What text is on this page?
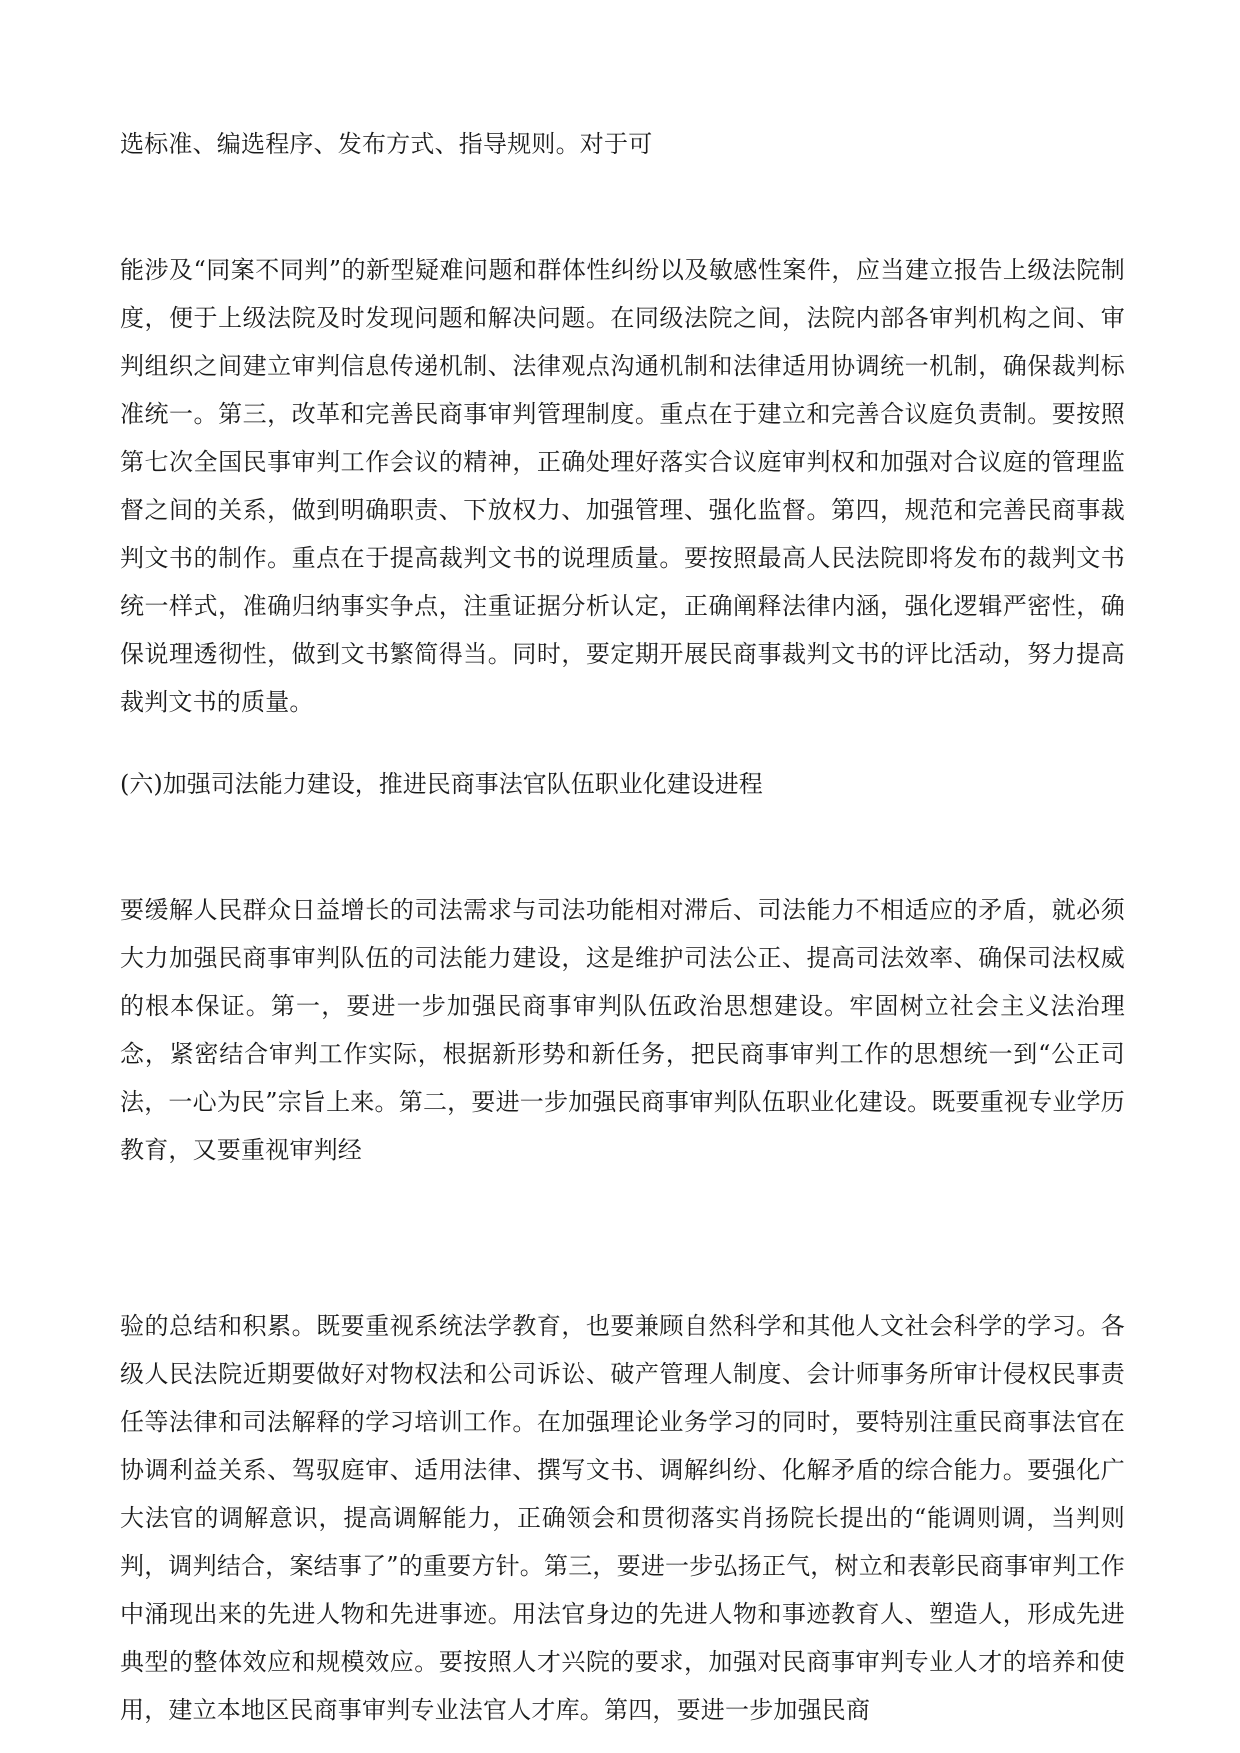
选标准、编选程序、发布方式、指导规则。对于可

能涉及“同案不同判”的新型疑难问题和群体性纠纷以及敏感性案件，应当建立报告上级法院制度，便于上级法院及时发现问题和解决问题。在同级法院之间，法院内部各审判机构之间、审判组织之间建立审判信息传递机制、法律观点沟通机制和法律适用协调统一机制，确保裁判标准统一。第三，改革和完善民商事审判管理制度。重点在于建立和完善合议庭负责制。要按照第七次全国民事审判工作会议的精神，正确处理好落实合议庭审判权和加强对合议庭的管理监督之间的关系，做到明确职责、下放权力、加强管理、强化监督。第四，规范和完善民商事裁判文书的制作。重点在于提高裁判文书的说理质量。要按照最高人民法院即将发布的裁判文书统一样式，准确归纳事实争点，注重证据分析认定，正确阐释法律内涵，强化逻辑严密性，确保说理透彻性，做到文书繁简得当。同时，要定期开展民商事裁判文书的评比活动，努力提高裁判文书的质量。

(六)加强司法能力建设，推进民商事法官队伍职业化建设进程

要缓解人民群众日益增长的司法需求与司法功能相对滞后、司法能力不相适应的矛盾，就必须大力加强民商事审判队伍的司法能力建设，这是维护司法公正、提高司法效率、确保司法权威的根本保证。第一，要进一步加强民商事审判队伍政治思想建设。牢固树立社会主义法治理念，紧密结合审判工作实际，根据新形势和新任务，把民商事审判工作的思想统一到“公正司法，一心为民”宗旨上来。第二，要进一步加强民商事审判队伍职业化建设。既要重视专业学历教育，又要重视审判经

验的总结和积累。既要重视系统法学教育，也要兼顾自然科学和其他人文社会科学的学习。各级人民法院近期要做好对物权法和公司诉讼、破产管理人制度、会计师事务所审计侵权民事责任等法律和司法解释的学习培训工作。在加强理论业务学习的同时，要特别注重民商事法官在协调利益关系、驾驭庭审、适用法律、撰写文书、调解纠纷、化解矛盾的综合能力。要强化广大法官的调解意识，提高调解能力，正确领会和贯彻落实肖扬院长提出的“能调则调，当判则判，调判结合，案结事了”的重要方针。第三，要进一步弘扬正气，树立和表彰民商事审判工作中涌现出来的先进人物和先进事迹。用法官身边的先进人物和事迹教育人、塑造人，形成先进典型的整体效应和规模效应。要按照人才兴院的要求，加强对民商事审判专业人才的培养和使用，建立本地区民商事审判专业法官人才库。第四，要进一步加强民商
